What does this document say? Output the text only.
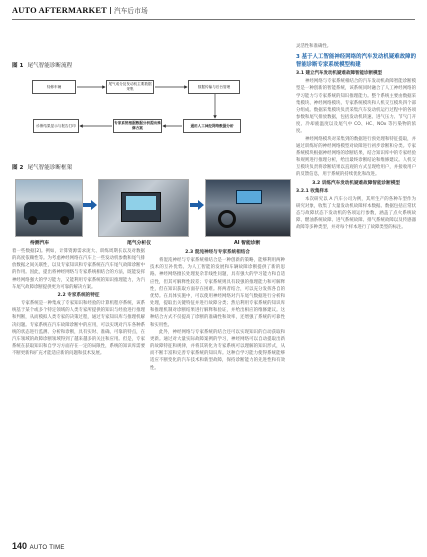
AUTO AFTERMARKET 汽车后市场
图 1 尾气智能诊断流程
待修车辆
尾气成分及发动机主要数据采集
数据传输与后台管理
专家系统根据数据分析提出维修方案
通用人工神经网络数据分析
诊断结果显示与报告打印
图 2 尾气智能诊断框架
待测汽车	尾气分析仪	AI 智能诊断

着一些数据[2]。例如，计算资源需求庞大、训练周期长以及对数据的高度依赖性等。为考虑神经网络在汽车上一些发动机参数和尾气排放数据之间关联性，以及专家知识和专家系统在汽车尾气故障诊断中的作用。因此，提出将神经网络与专家系统相结合的方法，既能发挥神经网络强大的学习能力，又能利用专家系统的知识推理能力，为汽车尾气故障诊断提供更为可靠的解决方案。

2.2 专家系统的特征

专家系统是一种集成了专家知识和经验的计算机程序系统，该系统基于某个或多个特定领域的人类专家所提供的知识与经验进行推理和判断，从而模拟人类专家的决策过程，通过专家知识库与推理机解决问题。专家系统在汽车故障诊断中的应用，可以实现对汽车各种系统的状态进行监测、分析和诊断，具有实时、准确、可靠的特点，在汽车领域的故障诊断领域得到了越来越多的关注和应用。但是，专家系统在获取知识和自学习方面存在一定的局限性，系统的知识库需要不断更新和扩充才能适应新的问题和技术发展。

2.3 混沌神经与专家系统相结合

将混沌神经与专家系统相结合是一种创新的策略，能够利用两种技术的互补优势。为人工智能的发展和车辆故障诊断提供了新的思路。神经网络擅长处理复杂非线性问题，具有强大的学习能力和自适应性，但其可解释性较差；专家系统则具有较强的推理能力和可解释性，但在知识获取方面存在困难。将两者结合，可以充分发挥各自的优势。在具体实施中，可以使用神经网络对汽车尾气数据进行分析和处理，提取出关键特征并进行故障分类；然后利用专家系统的知识库和推理机制对诊断结果进行解释和验证，并给出相应的维修建议。这种结合方式不仅提高了诊断的准确性和效率，还增强了系统的可靠性和实用性。

此外，神经网络与专家系统的结合还可以实现知识的自动获取和更新。通过对大量实际故障案例的学习，神经网络可以自动提取出新的故障特征和规律，并将其转化为专家系统可以理解的知识形式，从而不断丰富和完善专家系统的知识库。这种自学习能力使得系统能够适应不断变化的汽车技术和新型故障，保持诊断能力的先进性和有效性。

灵活性和准确性。

3 基于人工智能神经网络的汽车发动机疑难故障的智能诊断专家系统模型构建
3.1 建立汽车发动机疑难故障智能诊断模型

神经网络与专家系统相结合的汽车发动机故障智能诊断模型是一种创新的智能系统，该系统同时融合了人工神经网络的学习能力与专家系统的知识推理能力。整个系统主要由数据采集模块、神经网络模块、专家系统模块和人机交互模块四个部分组成。数据采集模块负责采集汽车发动机运行过程中的各项参数和尾气排放数据，包括发动机转速、进气压力、节气门开度、冷却液温度以及尾气中 CO、HC、NOx 等污染物的浓度。

神经网络模块对采集到的数据进行预处理和特征提取，并通过训练好的神经网络模型对故障进行初步诊断和分类。专家系统模块根据神经网络的诊断结果，结合知识库中的专家经验和规则进行推理分析，给出最终诊断结论和维修建议。人机交互模块负责将诊断结果以直观的方式呈现给用户，并接收用户的反馈信息，用于系统的持续优化和改进。

3.2 训练汽车发动机疑难故障智能诊断模型
3.2.1 收集样本

本次研究以 A 汽车公司为例，其所生产的各种车型作为研究对象，收集了大量发动机故障样本数据。数据包括正常状态与故障状态下发动机的各项运行参数，涵盖了点火系统故障、燃油系统故障、进气系统故障、排气系统故障以及传感器故障等多种类型，并对每个样本进行了故障类型的标注。

140 AUTO TIME
